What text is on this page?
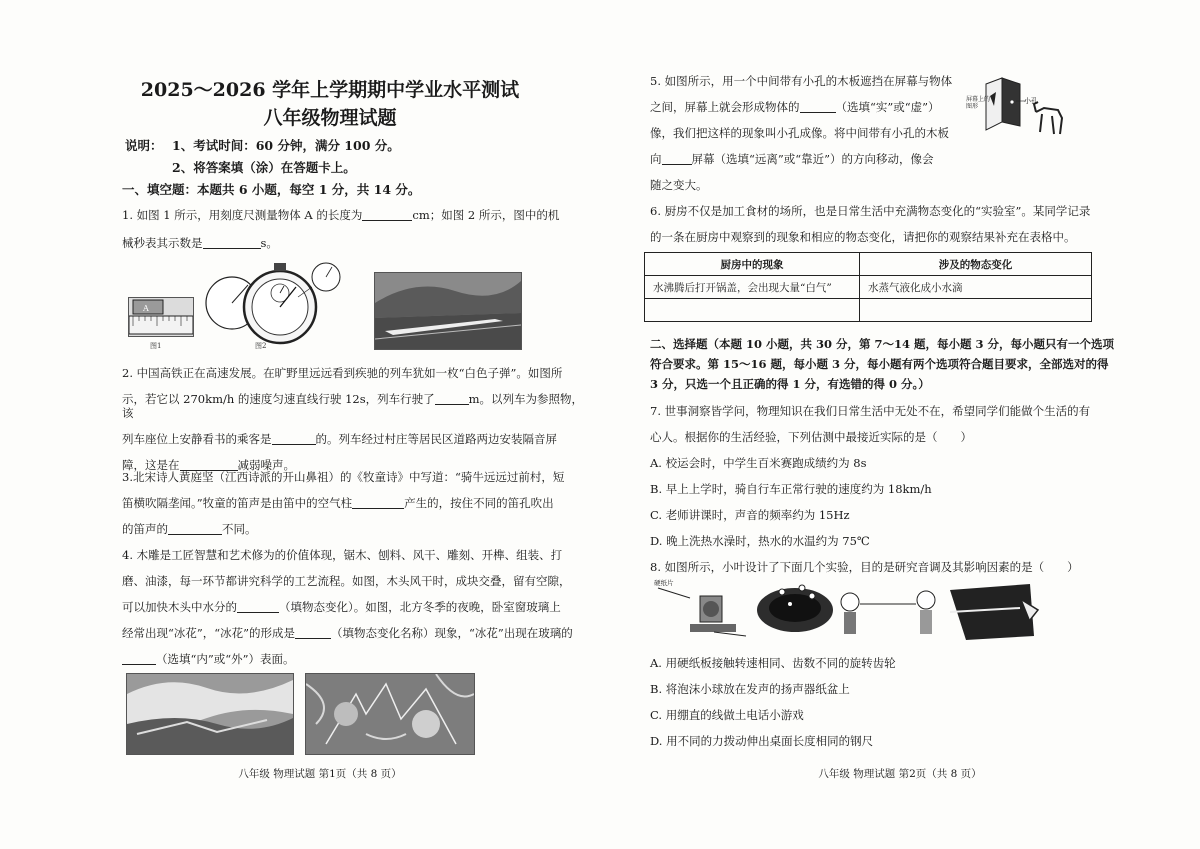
2025～2026 学年上学期期中学业水平测试
八年级物理试题
说明： 1、考试时间：60 分钟，满分 100 分。
2、将答案填（涂）在答题卡上。
一、填空题：本题共 6 小题，每空 1 分，共 14 分。
1. 如图 1 所示，用刻度尺测量物体 A 的长度为	cm；如图 2 所示，图中的机
械秒表其示数是	s。
A
图1	图2
2. 中国高铁正在高速发展。在旷野里远远看到疾驰的列车犹如一枚“白色子弹”。如图所
示，若它以 270km/h 的速度匀速直线行驶 12s，列车行驶了	m。以列车为参照物，该
列车座位上安静看书的乘客是	的。列车经过村庄等居民区道路两边安装隔音屏
障，这是在	减弱噪声。
3.北宋诗人黄庭坚（江西诗派的开山鼻祖）的《牧童诗》中写道：“骑牛远远过前村，短
笛横吹隔垄闻。”牧童的笛声是由笛中的空气柱	产生的，按住不同的笛孔吹出
的笛声的	不同。
4. 木雕是工匠智慧和艺术修为的价值体现，锯木、刨料、风干、雕刻、开榫、组装、打
磨、油漆，每一环节都讲究科学的工艺流程。如图，木头风干时，成块交叠，留有空隙，
可以加快木头中水分的	（填物态变化）。如图，北方冬季的夜晚，卧室窗玻璃上
经常出现“冰花”，“冰花”的形成是	（填物态变化名称）现象，“冰花”出现在玻璃的
（选填“内”或“外”）表面。
八年级 物理试题 第1页（共 8 页）
5. 如图所示，用一个中间带有小孔的木板遮挡在屏幕与物体
之间，屏幕上就会形成物体的	（选填“实”或“虚”）
像，我们把这样的现象叫小孔成像。将中间带有小孔的木板
向	屏幕（选填“远离”或“靠近”）的方向移动，像会
随之变大。
屏幕上的图形
小孔
6. 厨房不仅是加工食材的场所，也是日常生活中充满物态变化的“实验室”。某同学记录
的一条在厨房中观察到的现象和相应的物态变化，请把你的观察结果补充在表格中。
厨房中的现象	涉及的物态变化
水沸腾后打开锅盖，会出现大量“白气”	水蒸气液化成小水滴

二、选择题（本题 10 小题，共 30 分，第 7～14 题，每小题 3 分，每小题只有一个选项
符合要求。第 15～16 题，每小题 3 分，每小题有两个选项符合题目要求，全部选对的得
3 分，只选一个且正确的得 1 分，有选错的得 0 分。）
7. 世事洞察皆学问，物理知识在我们日常生活中无处不在，希望同学们能做个生活的有
心人。根据你的生活经验，下列估测中最接近实际的是（　　）
A. 校运会时，中学生百米赛跑成绩约为 8s
B. 早上上学时，骑自行车正常行驶的速度约为 18km/h
C. 老师讲课时，声音的频率约为 15Hz
D. 晚上洗热水澡时，热水的水温约为 75℃
8. 如图所示，小叶设计了下面几个实验，目的是研究音调及其影响因素的是（　　）
硬纸片
A. 用硬纸板接触转速相同、齿数不同的旋转齿轮
B. 将泡沫小球放在发声的扬声器纸盆上
C. 用绷直的线做土电话小游戏
D. 用不同的力拨动伸出桌面长度相同的钢尺
八年级 物理试题 第2页（共 8 页）
